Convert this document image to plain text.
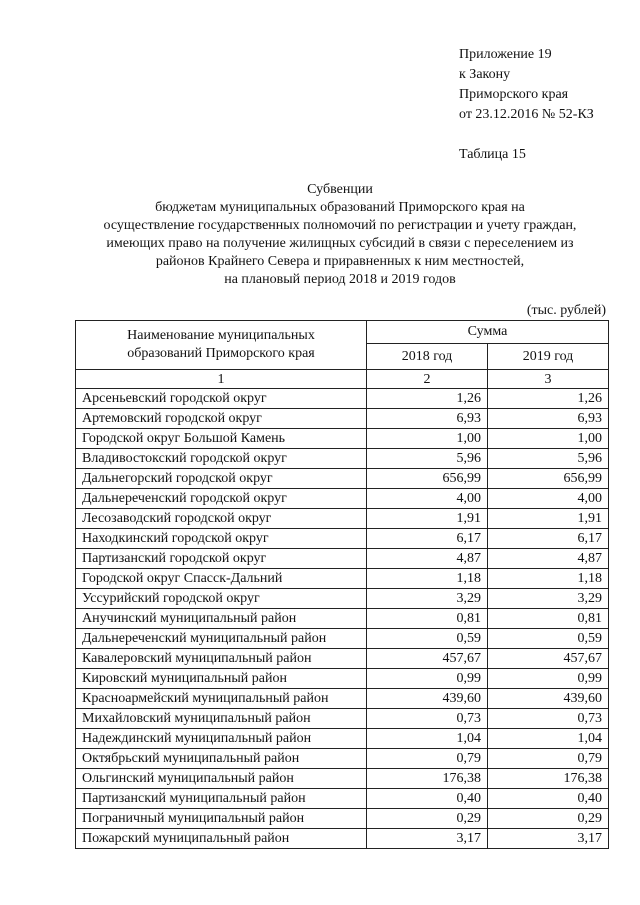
Приложение 19
к Закону
Приморского края
от 23.12.2016 № 52-КЗ
Таблица 15
Субвенции
бюджетам муниципальных образований Приморского края на
осуществление государственных полномочий по регистрации и учету граждан,
имеющих право на получение жилищных субсидий в связи с переселением из
районов Крайнего Севера и приравненных к ним местностей,
на плановый период 2018 и 2019 годов
(тыс. рублей)
Наименование муниципальных
образований Приморского края	Сумма	
	2018 год	2019 год
1	2	3
Арсеньевский городской округ	1,26	1,26
Артемовский городской округ	6,93	6,93
Городской округ Большой Камень	1,00	1,00
Владивостокский городской округ	5,96	5,96
Дальнегорский городской округ	656,99	656,99
Дальнереченский городской округ	4,00	4,00
Лесозаводский городской округ	1,91	1,91
Находкинский городской округ	6,17	6,17
Партизанский городской округ	4,87	4,87
Городской округ Спасск-Дальний	1,18	1,18
Уссурийский городской округ	3,29	3,29
Анучинский муниципальный район	0,81	0,81
Дальнереченский муниципальный район	0,59	0,59
Кавалеровский муниципальный район	457,67	457,67
Кировский муниципальный район	0,99	0,99
Красноармейский муниципальный район	439,60	439,60
Михайловский муниципальный район	0,73	0,73
Надеждинский муниципальный район	1,04	1,04
Октябрьский муниципальный район	0,79	0,79
Ольгинский муниципальный район	176,38	176,38
Партизанский муниципальный район	0,40	0,40
Пограничный муниципальный район	0,29	0,29
Пожарский муниципальный район	3,17	3,17
